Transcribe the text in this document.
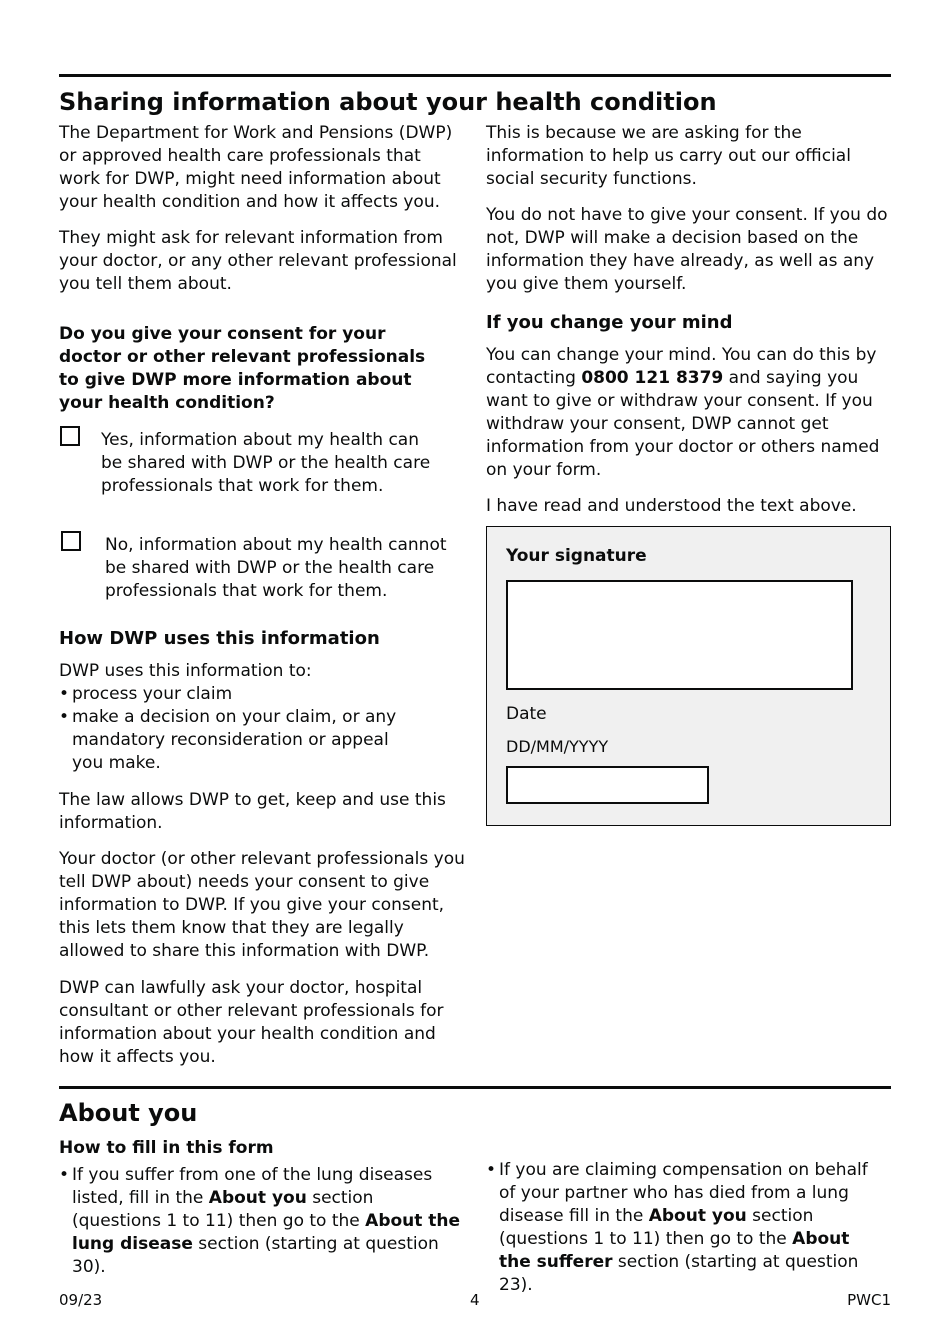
Sharing information about your health condition

The Department for Work and Pensions (DWP) or approved health care professionals that work for DWP, might need information about your health condition and how it affects you.

They might ask for relevant information from your doctor, or any other relevant professional you tell them about.

Do you give your consent for your doctor or other relevant professionals to give DWP more information about your health condition?

Yes, information about my health can be shared with DWP or the health care professionals that work for them.

No, information about my health cannot be shared with DWP or the health care professionals that work for them.

How DWP uses this information

DWP uses this information to:

• process your claim
• make a decision on your claim, or any mandatory reconsideration or appeal you make.

The law allows DWP to get, keep and use this information.

Your doctor (or other relevant professionals you tell DWP about) needs your consent to give information to DWP. If you give your consent, this lets them know that they are legally allowed to share this information with DWP.

DWP can lawfully ask your doctor, hospital consultant or other relevant professionals for information about your health condition and how it affects you.

This is because we are asking for the information to help us carry out our official social security functions.

You do not have to give your consent. If you do not, DWP will make a decision based on the information they have already, as well as any you give them yourself.

If you change your mind

You can change your mind. You can do this by contacting 0800 121 8379 and saying you want to give or withdraw your consent. If you withdraw your consent, DWP cannot get information from your doctor or others named on your form.

I have read and understood the text above.

Your signature

Date

DD/MM/YYYY

About you
How to fill in this form
• If you suffer from one of the lung diseases listed, fill in the About you section (questions 1 to 11) then go to the About the lung disease section (starting at question 30).
• If you are claiming compensation on behalf of your partner who has died from a lung disease fill in the About you section (questions 1 to 11) then go to the About the sufferer section (starting at question 23).
09/23	4	PWC1
